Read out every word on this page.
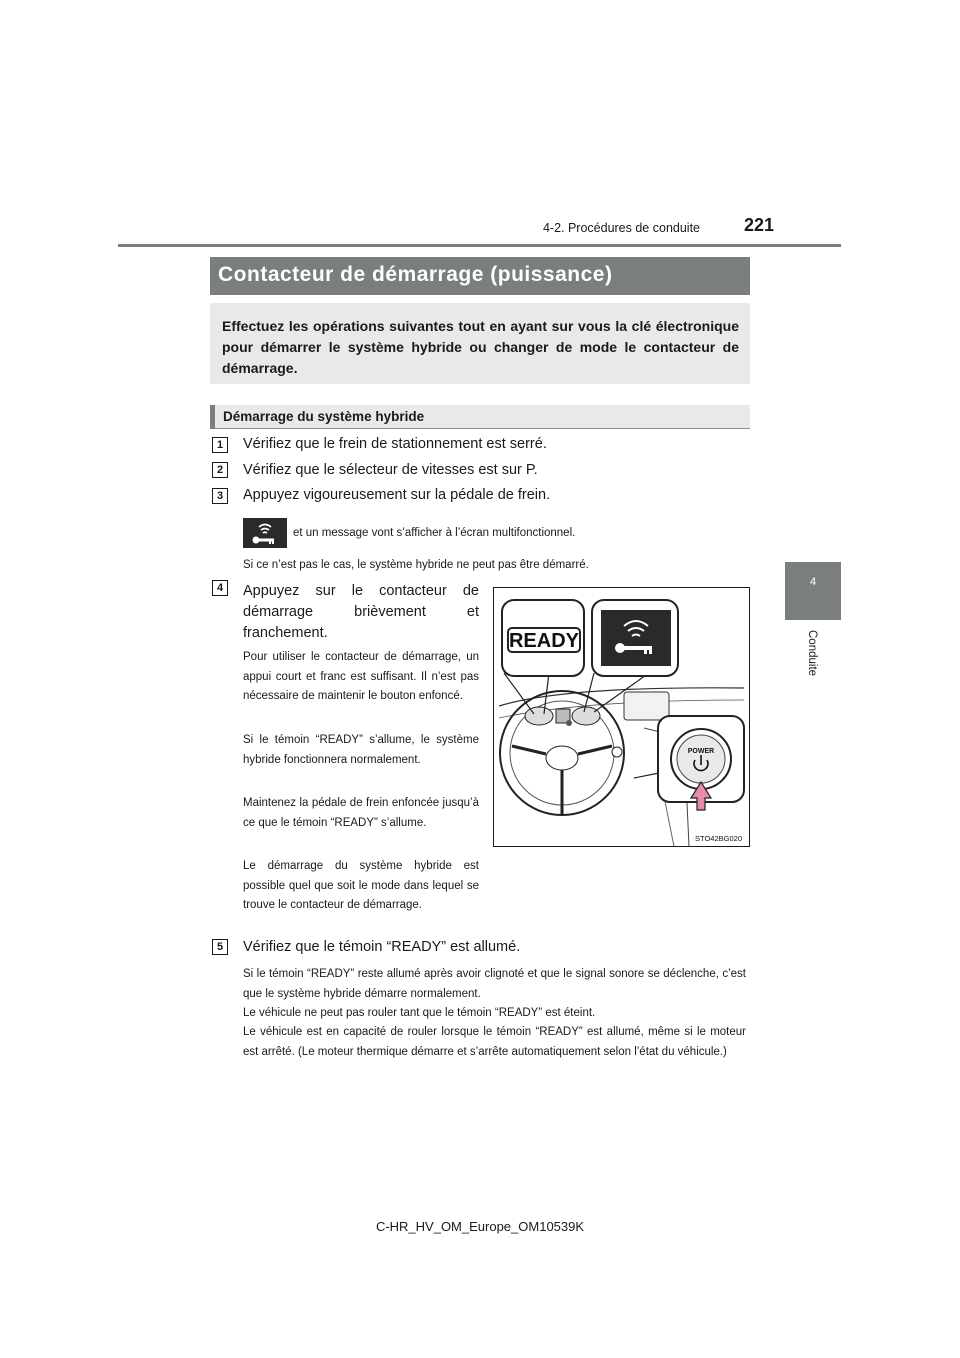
4-2. Procédures de conduite 221
4
Conduite
Contacteur de démarrage (puissance)
Effectuez les opérations suivantes tout en ayant sur vous la clé électronique pour démarrer le système hybride ou changer de mode le contacteur de démarrage.
Démarrage du système hybride
1	Vérifiez que le frein de stationnement est serré.
2	Vérifiez que le sélecteur de vitesses est sur P.
3	Appuyez vigoureusement sur la pédale de frein.
et un message vont s’afficher à l’écran multifonctionnel.
Si ce n’est pas le cas, le système hybride ne peut pas être démarré.
4	Appuyez sur le contacteur de démarrage brièvement et franchement.
Pour utiliser le contacteur de démarrage, un appui court et franc est suffisant. Il n’est pas nécessaire de maintenir le bouton enfoncé.
Si le témoin “READY” s’allume, le système hybride fonctionnera normalement.
Maintenez la pédale de frein enfoncée jusqu’à ce que le témoin “READY” s’allume.
Le démarrage du système hybride est possible quel que soit le mode dans lequel se trouve le contacteur de démarrage.
READY
POWER
STO42BG020
5	Vérifiez que le témoin “READY” est allumé.
Si le témoin “READY” reste allumé après avoir clignoté et que le signal sonore se déclenche, c’est que le système hybride démarre normalement.
Le véhicule ne peut pas rouler tant que le témoin “READY” est éteint.
Le véhicule est en capacité de rouler lorsque le témoin “READY” est allumé, même si le moteur est arrêté. (Le moteur thermique démarre et s’arrête automatiquement selon l’état du véhicule.)
C-HR_HV_OM_Europe_OM10539K
